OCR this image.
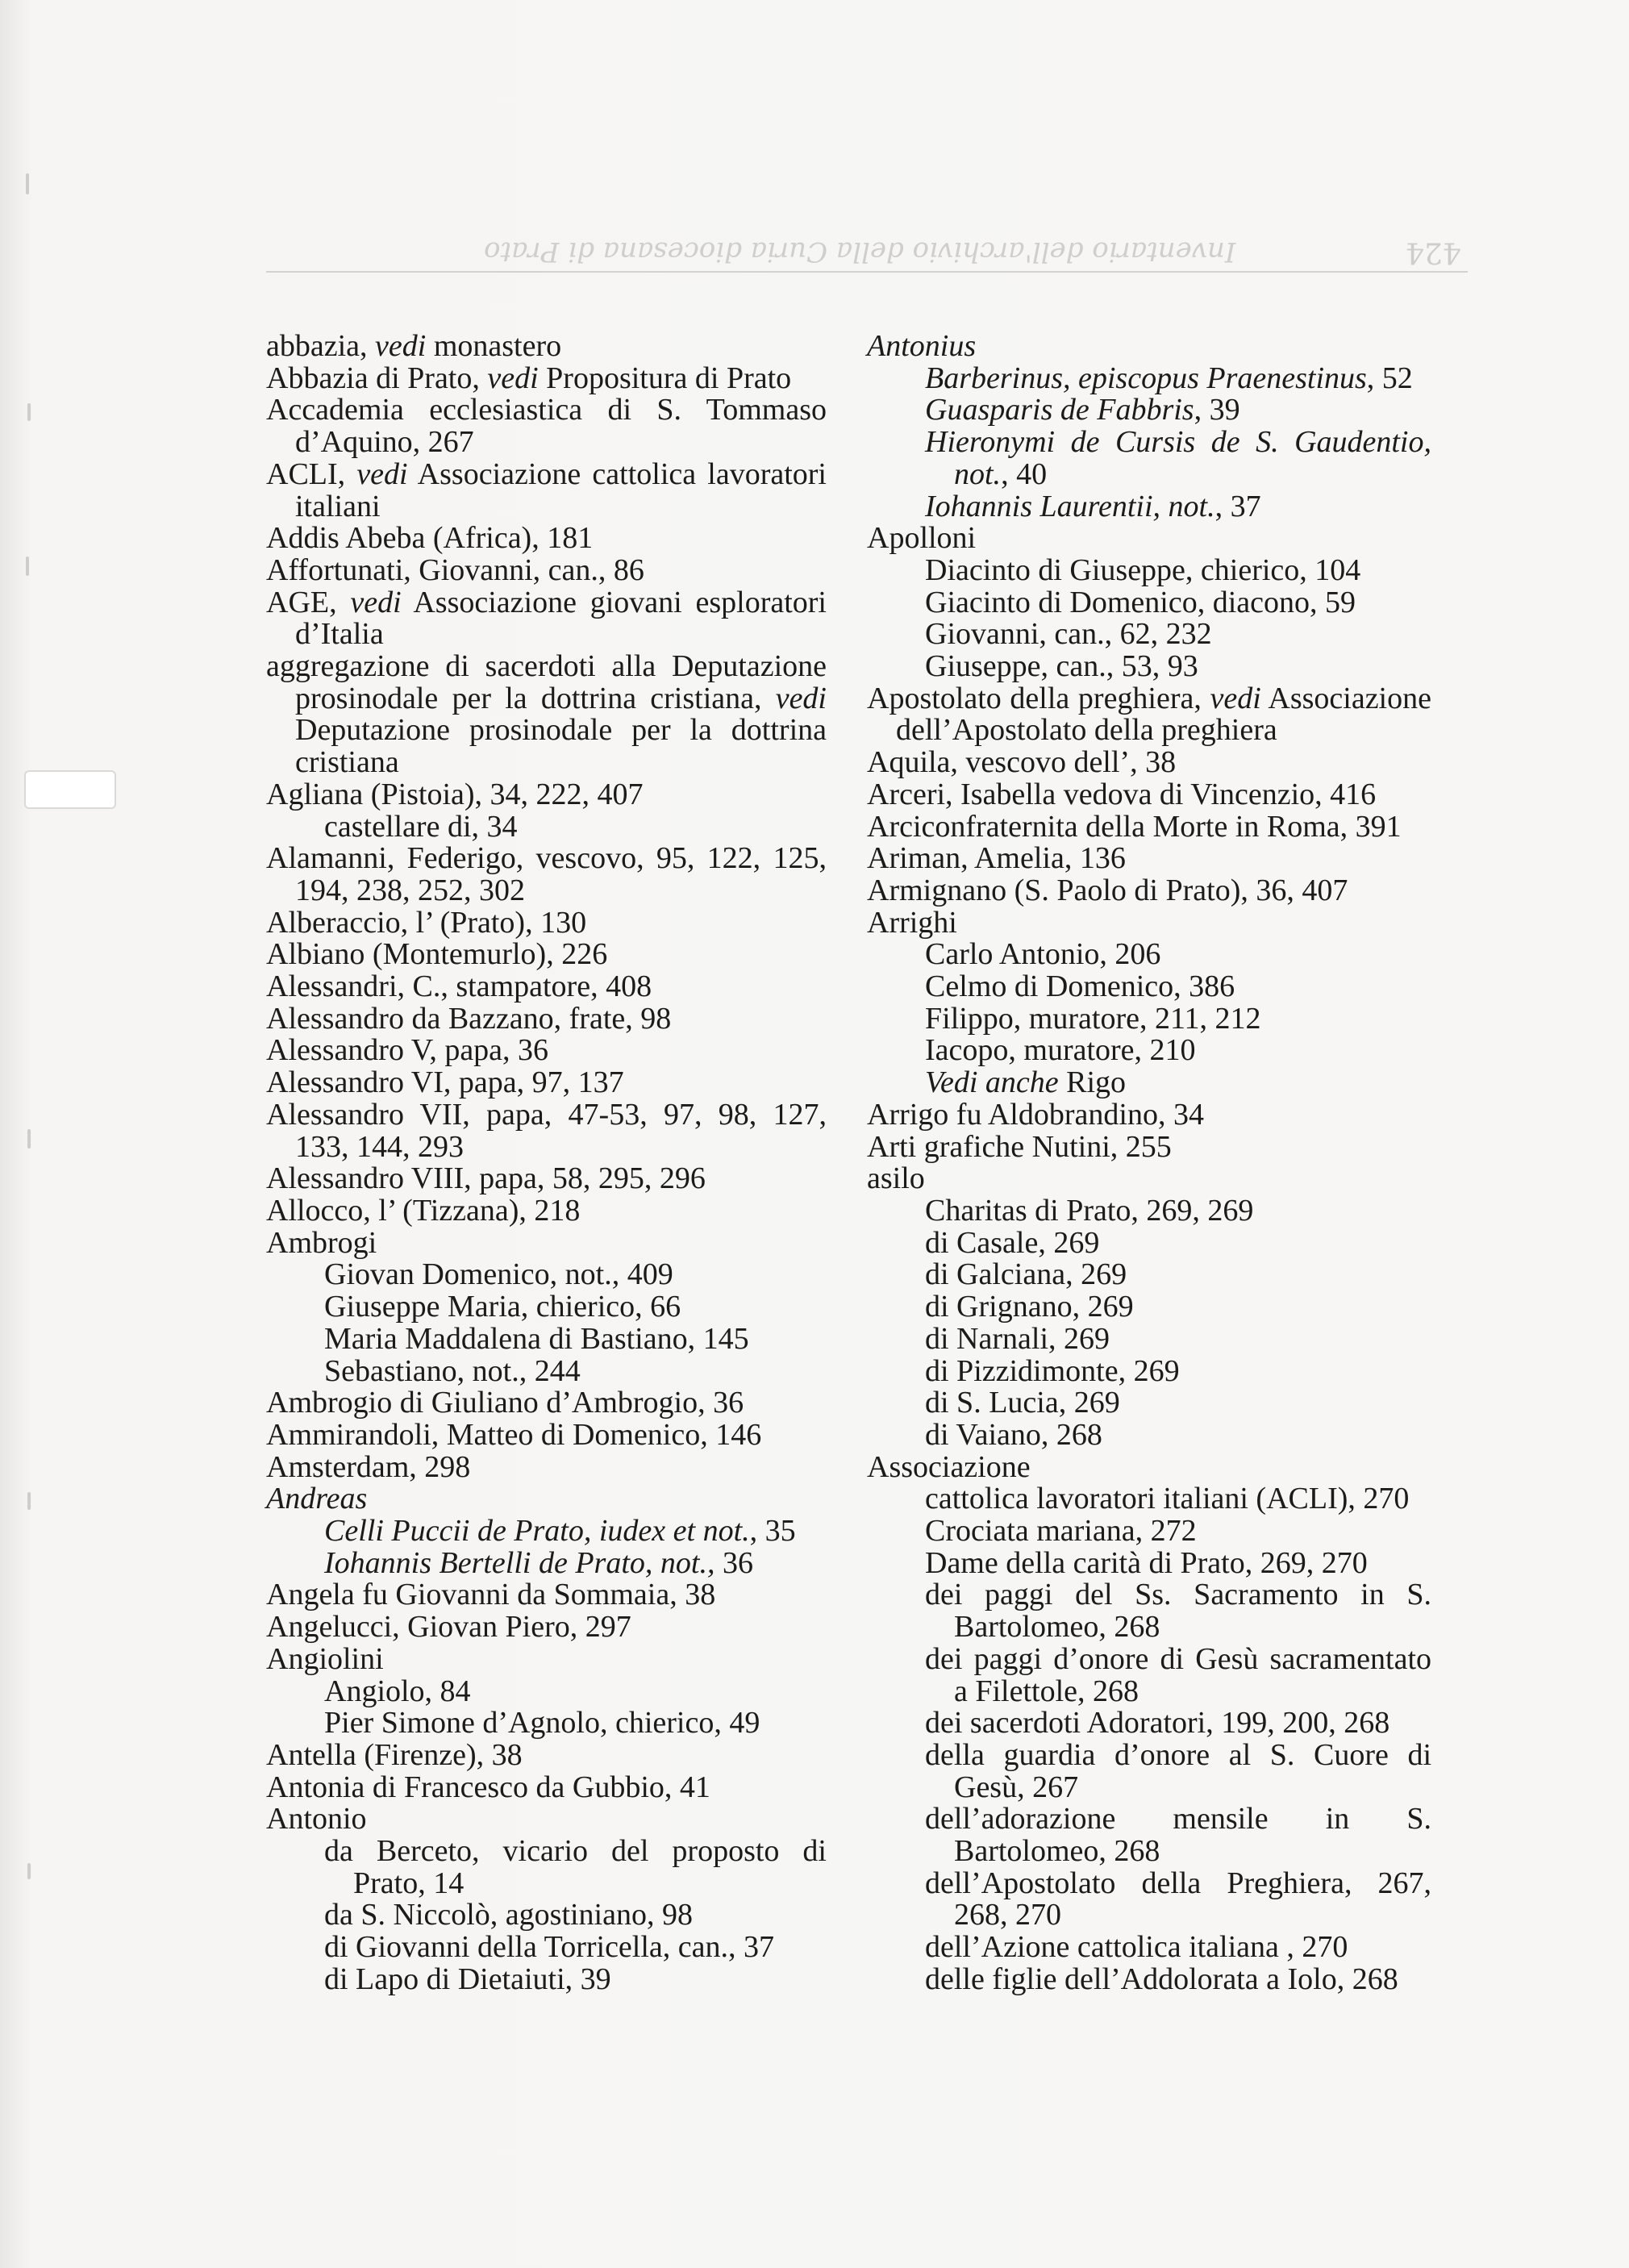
Inventario dell'archivio della Curia diocesana di Prato	424
abbazia, vedi monastero
Abbazia di Prato, vedi Propositura di Prato
Accademia ecclesiastica di S. Tommaso d’Aquino, 267
ACLI, vedi Associazione cattolica lavoratori italiani
Addis Abeba (Africa), 181
Affortunati, Giovanni, can., 86
AGE, vedi Associazione giovani esploratori d’Italia
aggregazione di sacerdoti alla Deputazione prosinodale per la dottrina cristiana, vedi Deputazione prosinodale per la dottrina cristiana
Agliana (Pistoia), 34, 222, 407
castellare di, 34
Alamanni, Federigo, vescovo, 95, 122, 125, 194, 238, 252, 302
Alberaccio, l’ (Prato), 130
Albiano (Montemurlo), 226
Alessandri, C., stampatore, 408
Alessandro da Bazzano, frate, 98
Alessandro V, papa, 36
Alessandro VI, papa, 97, 137
Alessandro VII, papa, 47-53, 97, 98, 127, 133, 144, 293
Alessandro VIII, papa, 58, 295, 296
Allocco, l’ (Tizzana), 218
Ambrogi
Giovan Domenico, not., 409
Giuseppe Maria, chierico, 66
Maria Maddalena di Bastiano, 145
Sebastiano, not., 244
Ambrogio di Giuliano d’Ambrogio, 36
Ammirandoli, Matteo di Domenico, 146
Amsterdam, 298
Andreas
Celli Puccii de Prato, iudex et not., 35
Iohannis Bertelli de Prato, not., 36
Angela fu Giovanni da Sommaia, 38
Angelucci, Giovan Piero, 297
Angiolini
Angiolo, 84
Pier Simone d’Agnolo, chierico, 49
Antella (Firenze), 38
Antonia di Francesco da Gubbio, 41
Antonio
da Berceto, vicario del proposto di Prato, 14
da S. Niccolò, agostiniano, 98
di Giovanni della Torricella, can., 37
di Lapo di Dietaiuti, 39
Antonius
Barberinus, episcopus Praenestinus, 52
Guasparis de Fabbris, 39
Hieronymi de Cursis de S. Gaudentio, not., 40
Iohannis Laurentii, not., 37
Apolloni
Diacinto di Giuseppe, chierico, 104
Giacinto di Domenico, diacono, 59
Giovanni, can., 62, 232
Giuseppe, can., 53, 93
Apostolato della preghiera, vedi Associazione dell’Apostolato della preghiera
Aquila, vescovo dell’, 38
Arceri, Isabella vedova di Vincenzio, 416
Arciconfraternita della Morte in Roma, 391
Ariman, Amelia, 136
Armignano (S. Paolo di Prato), 36, 407
Arrighi
Carlo Antonio, 206
Celmo di Domenico, 386
Filippo, muratore, 211, 212
Iacopo, muratore, 210
Vedi anche Rigo
Arrigo fu Aldobrandino, 34
Arti grafiche Nutini, 255
asilo
Charitas di Prato, 269, 269
di Casale, 269
di Galciana, 269
di Grignano, 269
di Narnali, 269
di Pizzidimonte, 269
di S. Lucia, 269
di Vaiano, 268
Associazione
cattolica lavoratori italiani (ACLI), 270
Crociata mariana, 272
Dame della carità di Prato, 269, 270
dei paggi del Ss. Sacramento in S. Bartolomeo, 268
dei paggi d’onore di Gesù sacramentato a Filettole, 268
dei sacerdoti Adoratori, 199, 200, 268
della guardia d’onore al S. Cuore di Gesù, 267
dell’adorazione mensile in S. Bartolomeo, 268
dell’Apostolato della Preghiera, 267, 268, 270
dell’Azione cattolica italiana , 270
delle figlie dell’Addolorata a Iolo, 268
